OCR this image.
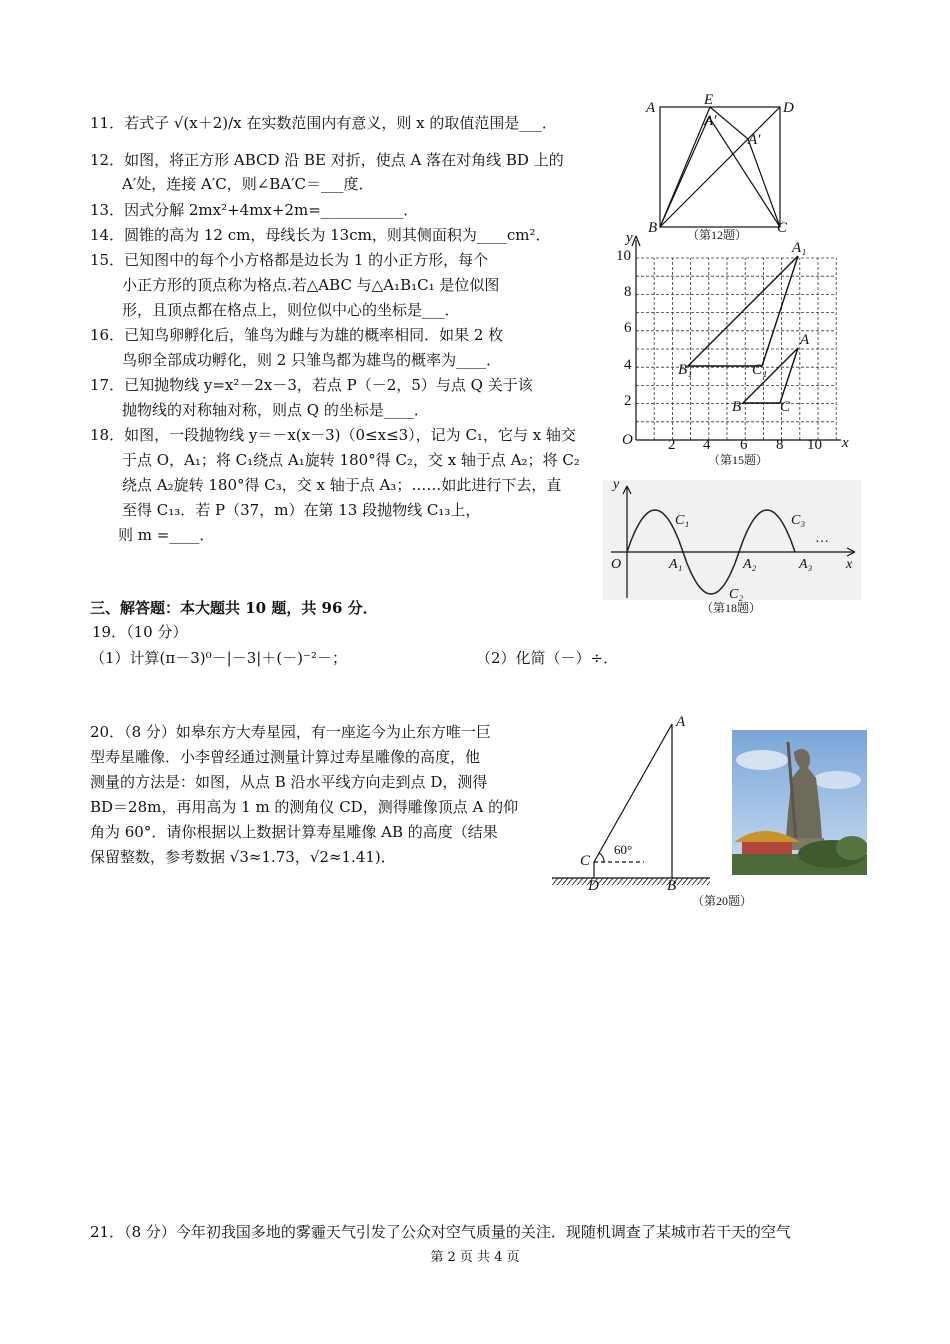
11．若式子 √(x＋2)/x 在实数范围内有意义，则 x 的取值范围是___．
12．如图，将正方形 ABCD 沿 BE 对折，使点 A 落在对角线 BD 上的
A′处，连接 A′C，则∠BA′C＝___度．
13．因式分解 2mx²+4mx+2m=___________．
14．圆锥的高为 12 cm，母线长为 13cm，则其侧面积为____cm²．
15．已知图中的每个小方格都是边长为 1 的小正方形，每个
小正方形的顶点称为格点.若△ABC 与△A₁B₁C₁ 是位似图
形，且顶点都在格点上，则位似中心的坐标是___．
16．已知鸟卵孵化后，雏鸟为雌与为雄的概率相同．如果 2 枚
鸟卵全部成功孵化，则 2 只雏鸟都为雄鸟的概率为____．
17．已知抛物线 y=x²－2x－3，若点 P（－2，5）与点 Q 关于该
抛物线的对称轴对称，则点 Q 的坐标是____．
18．如图，一段抛物线 y＝－x(x－3)（0≤x≤3），记为 C₁，它与 x 轴交
于点 O，A₁；将 C₁绕点 A₁旋转 180°得 C₂，交 x 轴于点 A₂；将 C₂
绕点 A₂旋转 180°得 C₃，交 x 轴于点 A₃；……如此进行下去，直
至得 C₁₃．若 P（37，m）在第 13 段抛物线 C₁₃上，
则 m =____．
三、解答题：本大题共 10 题，共 96 分．
19．（10 分）
（1）计算(π－3)⁰－|－3|＋(－)⁻²－；	（2）化简（－）÷．
20．（8 分）如皋东方大寿星园，有一座迄今为止东方唯一巨
型寿星雕像．小李曾经通过测量计算过寿星雕像的高度，他
测量的方法是：如图，从点 B 沿水平线方向走到点 D，测得
BD＝28m，再用高为 1 m 的测角仪 CD，测得雕像顶点 A 的仰
角为 60°．请你根据以上数据计算寿星雕像 AB 的高度（结果
保留整数，参考数据 √3≈1.73，√2≈1.41)．
21．（8 分）今年初我国多地的雾霾天气引发了公众对空气质量的关注．现随机调查了某城市若干天的空气
第 2 页 共 4 页
A	E	D
A′
A′
B	C
（第12题）
y
x
O
10
8
6
4
2
2 4 6 8 10
A₁
B₁	C₁
A
B	C
（第15题）
y
x
O
C₁
C₂
C₃
…
A₁	A₂	A₃
（第18题）
A
C
D	B
60°
（第20题）
